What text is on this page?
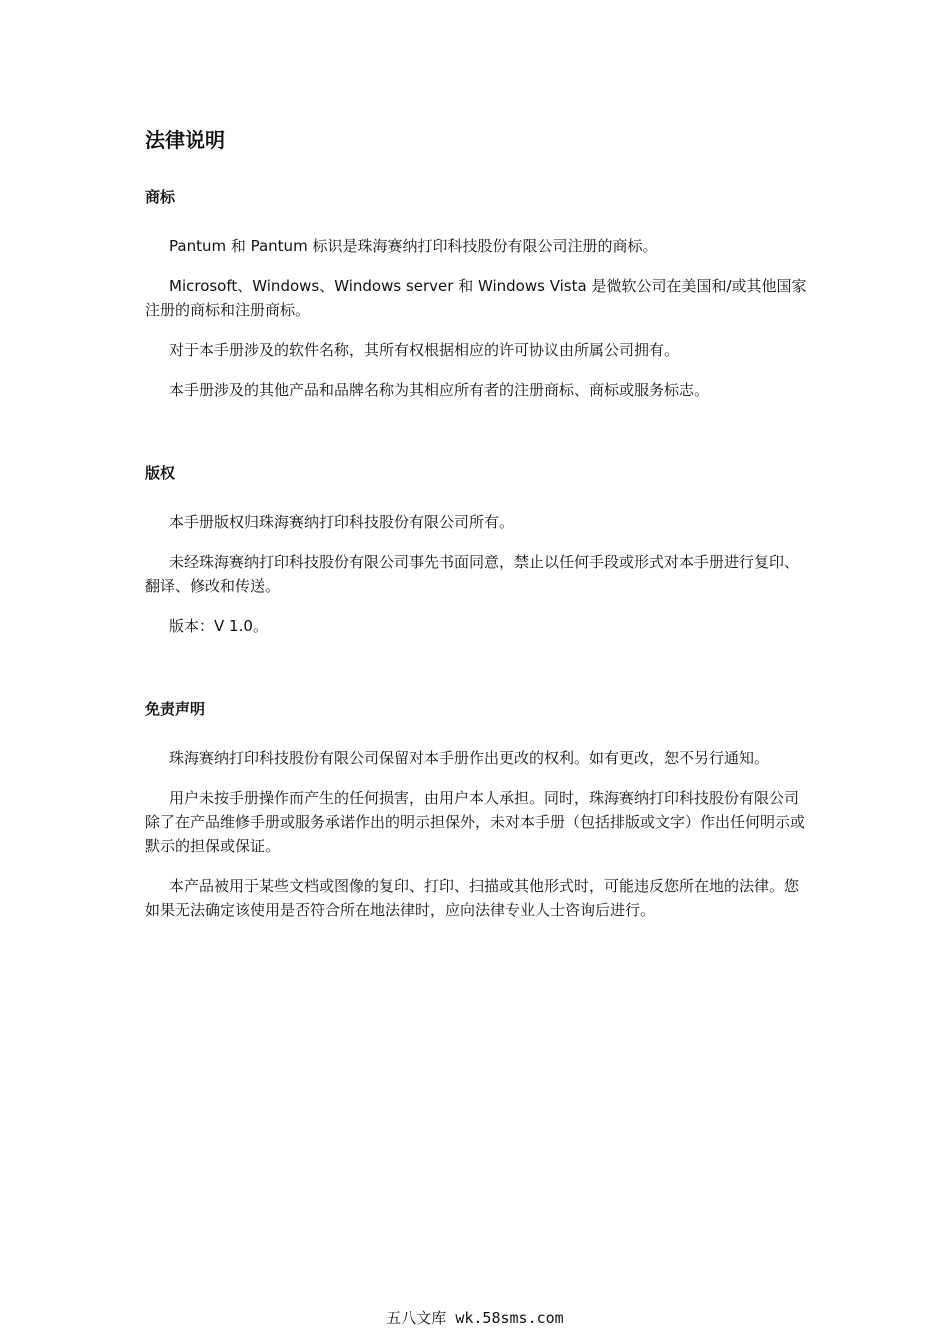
法律说明
商标

Pantum 和 Pantum 标识是珠海赛纳打印科技股份有限公司注册的商标。

Microsoft、Windows、Windows server 和 Windows Vista 是微软公司在美国和/或其他国家注册的商标和注册商标。

对于本手册涉及的软件名称，其所有权根据相应的许可协议由所属公司拥有。

本手册涉及的其他产品和品牌名称为其相应所有者的注册商标、商标或服务标志。

版权

本手册版权归珠海赛纳打印科技股份有限公司所有。

未经珠海赛纳打印科技股份有限公司事先书面同意，禁止以任何手段或形式对本手册进行复印、翻译、修改和传送。

版本：V 1.0。

免责声明

珠海赛纳打印科技股份有限公司保留对本手册作出更改的权利。如有更改，恕不另行通知。

用户未按手册操作而产生的任何损害，由用户本人承担。同时，珠海赛纳打印科技股份有限公司除了在产品维修手册或服务承诺作出的明示担保外，未对本手册（包括排版或文字）作出任何明示或默示的担保或保证。

本产品被用于某些文档或图像的复印、打印、扫描或其他形式时，可能违反您所在地的法律。您如果无法确定该使用是否符合所在地法律时，应向法律专业人士咨询后进行。

五八文库 wk.58sms.com
